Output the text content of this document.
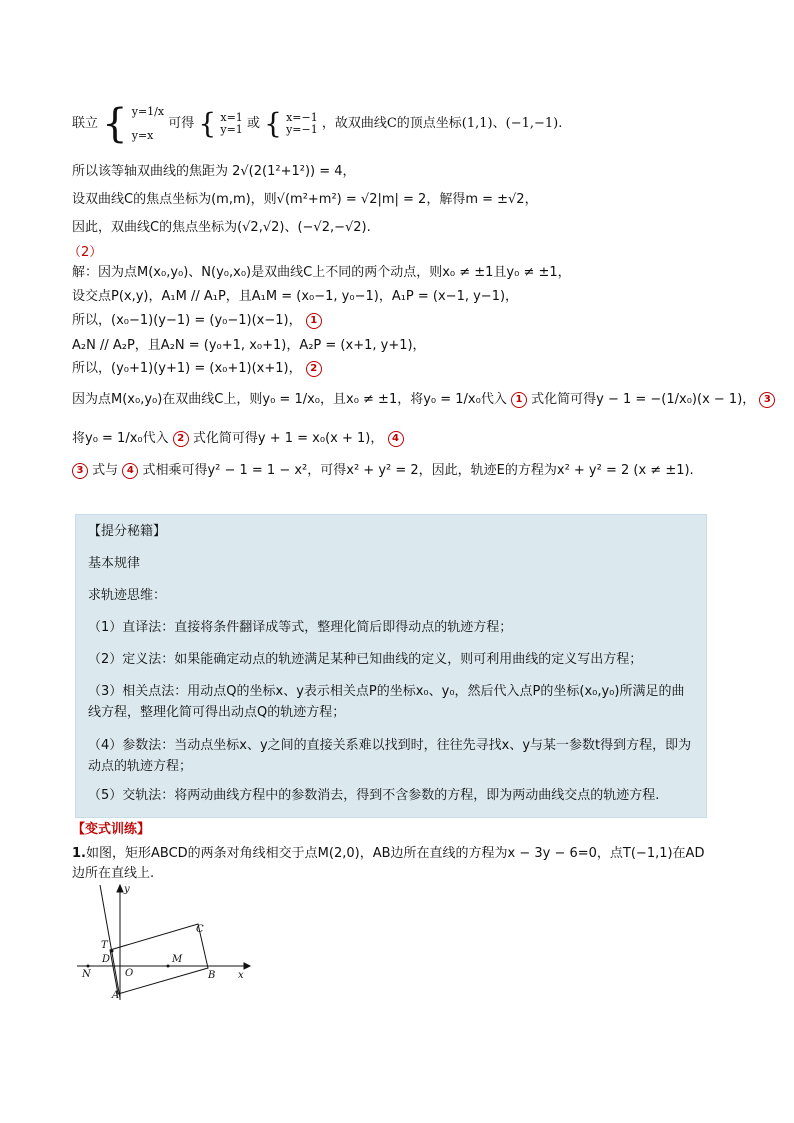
联立 { y=1/x

y=x 可得 { x=1
y=1 或 { x=−1
y=−1 ，故双曲线C的顶点坐标(1,1)、(−1,−1).
所以该等轴双曲线的焦距为 2√(2(1²+1²)) = 4，
设双曲线C的焦点坐标为(m,m)，则√(m²+m²) = √2|m| = 2，解得m = ±√2，
因此，双曲线C的焦点坐标为(√2,√2)、(−√2,−√2).
（2）
解：因为点M(x₀,y₀)、N(y₀,x₀)是双曲线C上不同的两个动点，则x₀ ≠ ±1且y₀ ≠ ±1，
设交点P(x,y)，A₁M // A₁P，且A₁M = (x₀−1, y₀−1)，A₁P = (x−1, y−1)，
所以，(x₀−1)(y−1) = (y₀−1)(x−1)， 1
A₂N // A₂P，且A₂N = (y₀+1, x₀+1)，A₂P = (x+1, y+1)，
所以，(y₀+1)(y+1) = (x₀+1)(x+1)， 2
因为点M(x₀,y₀)在双曲线C上，则y₀ = 1/x₀，且x₀ ≠ ±1，将y₀ = 1/x₀代入 1 式化简可得y − 1 = −(1/x₀)(x − 1)， 3
将y₀ = 1/x₀代入 2 式化简可得y + 1 = x₀(x + 1)， 4
3 式与 4 式相乘可得y² − 1 = 1 − x²，可得x² + y² = 2，因此，轨迹E的方程为x² + y² = 2 (x ≠ ±1).
【提分秘籍】
基本规律
求轨迹思维：
（1）直译法：直接将条件翻译成等式，整理化简后即得动点的轨迹方程；
（2）定义法：如果能确定动点的轨迹满足某种已知曲线的定义，则可利用曲线的定义写出方程；
（3）相关点法：用动点Q的坐标x、y表示相关点P的坐标x₀、y₀，然后代入点P的坐标(x₀,y₀)所满足的曲线方程，整理化简可得出动点Q的轨迹方程；
（4）参数法：当动点坐标x、y之间的直接关系难以找到时，往往先寻找x、y与某一参数t得到方程，即为动点的轨迹方程；
（5）交轨法：将两动曲线方程中的参数消去，得到不含参数的方程，即为两动曲线交点的轨迹方程.
【变式训练】
1.如图，矩形ABCD的两条对角线相交于点M(2,0)，AB边所在直线的方程为x − 3y − 6=0，点T(−1,1)在AD
边所在直线上.
y
x
C
T
D
N	O
M
B
A
